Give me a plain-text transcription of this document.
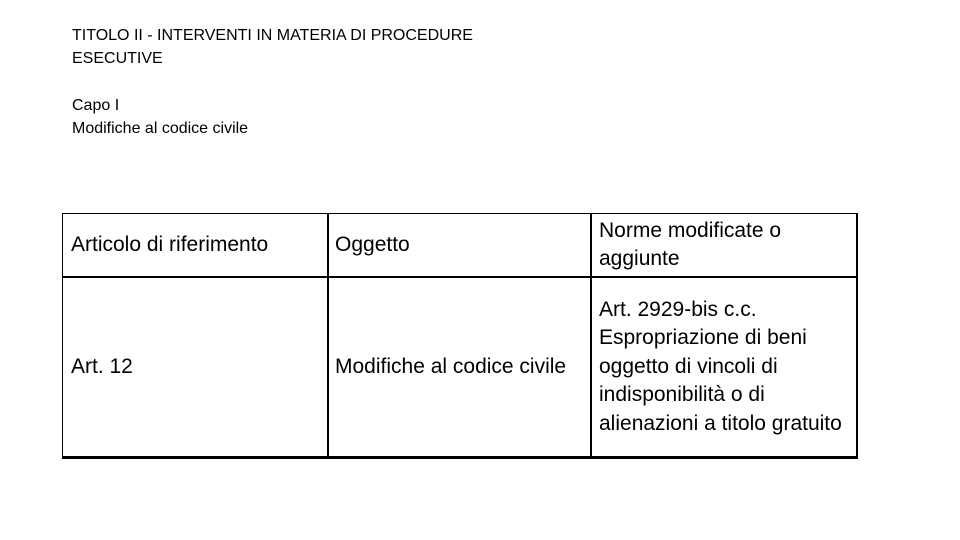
TITOLO II - INTERVENTI IN MATERIA DI PROCEDURE
ESECUTIVE
Capo I
Modifiche al codice civile
Articolo di riferimento	Oggetto
Norme modificate o aggiunte
Art. 12	Modifiche al codice civile
Art. 2929-bis c.c. Espropriazione di beni oggetto di vincoli di indisponibilità o di alienazioni a titolo gratuito
